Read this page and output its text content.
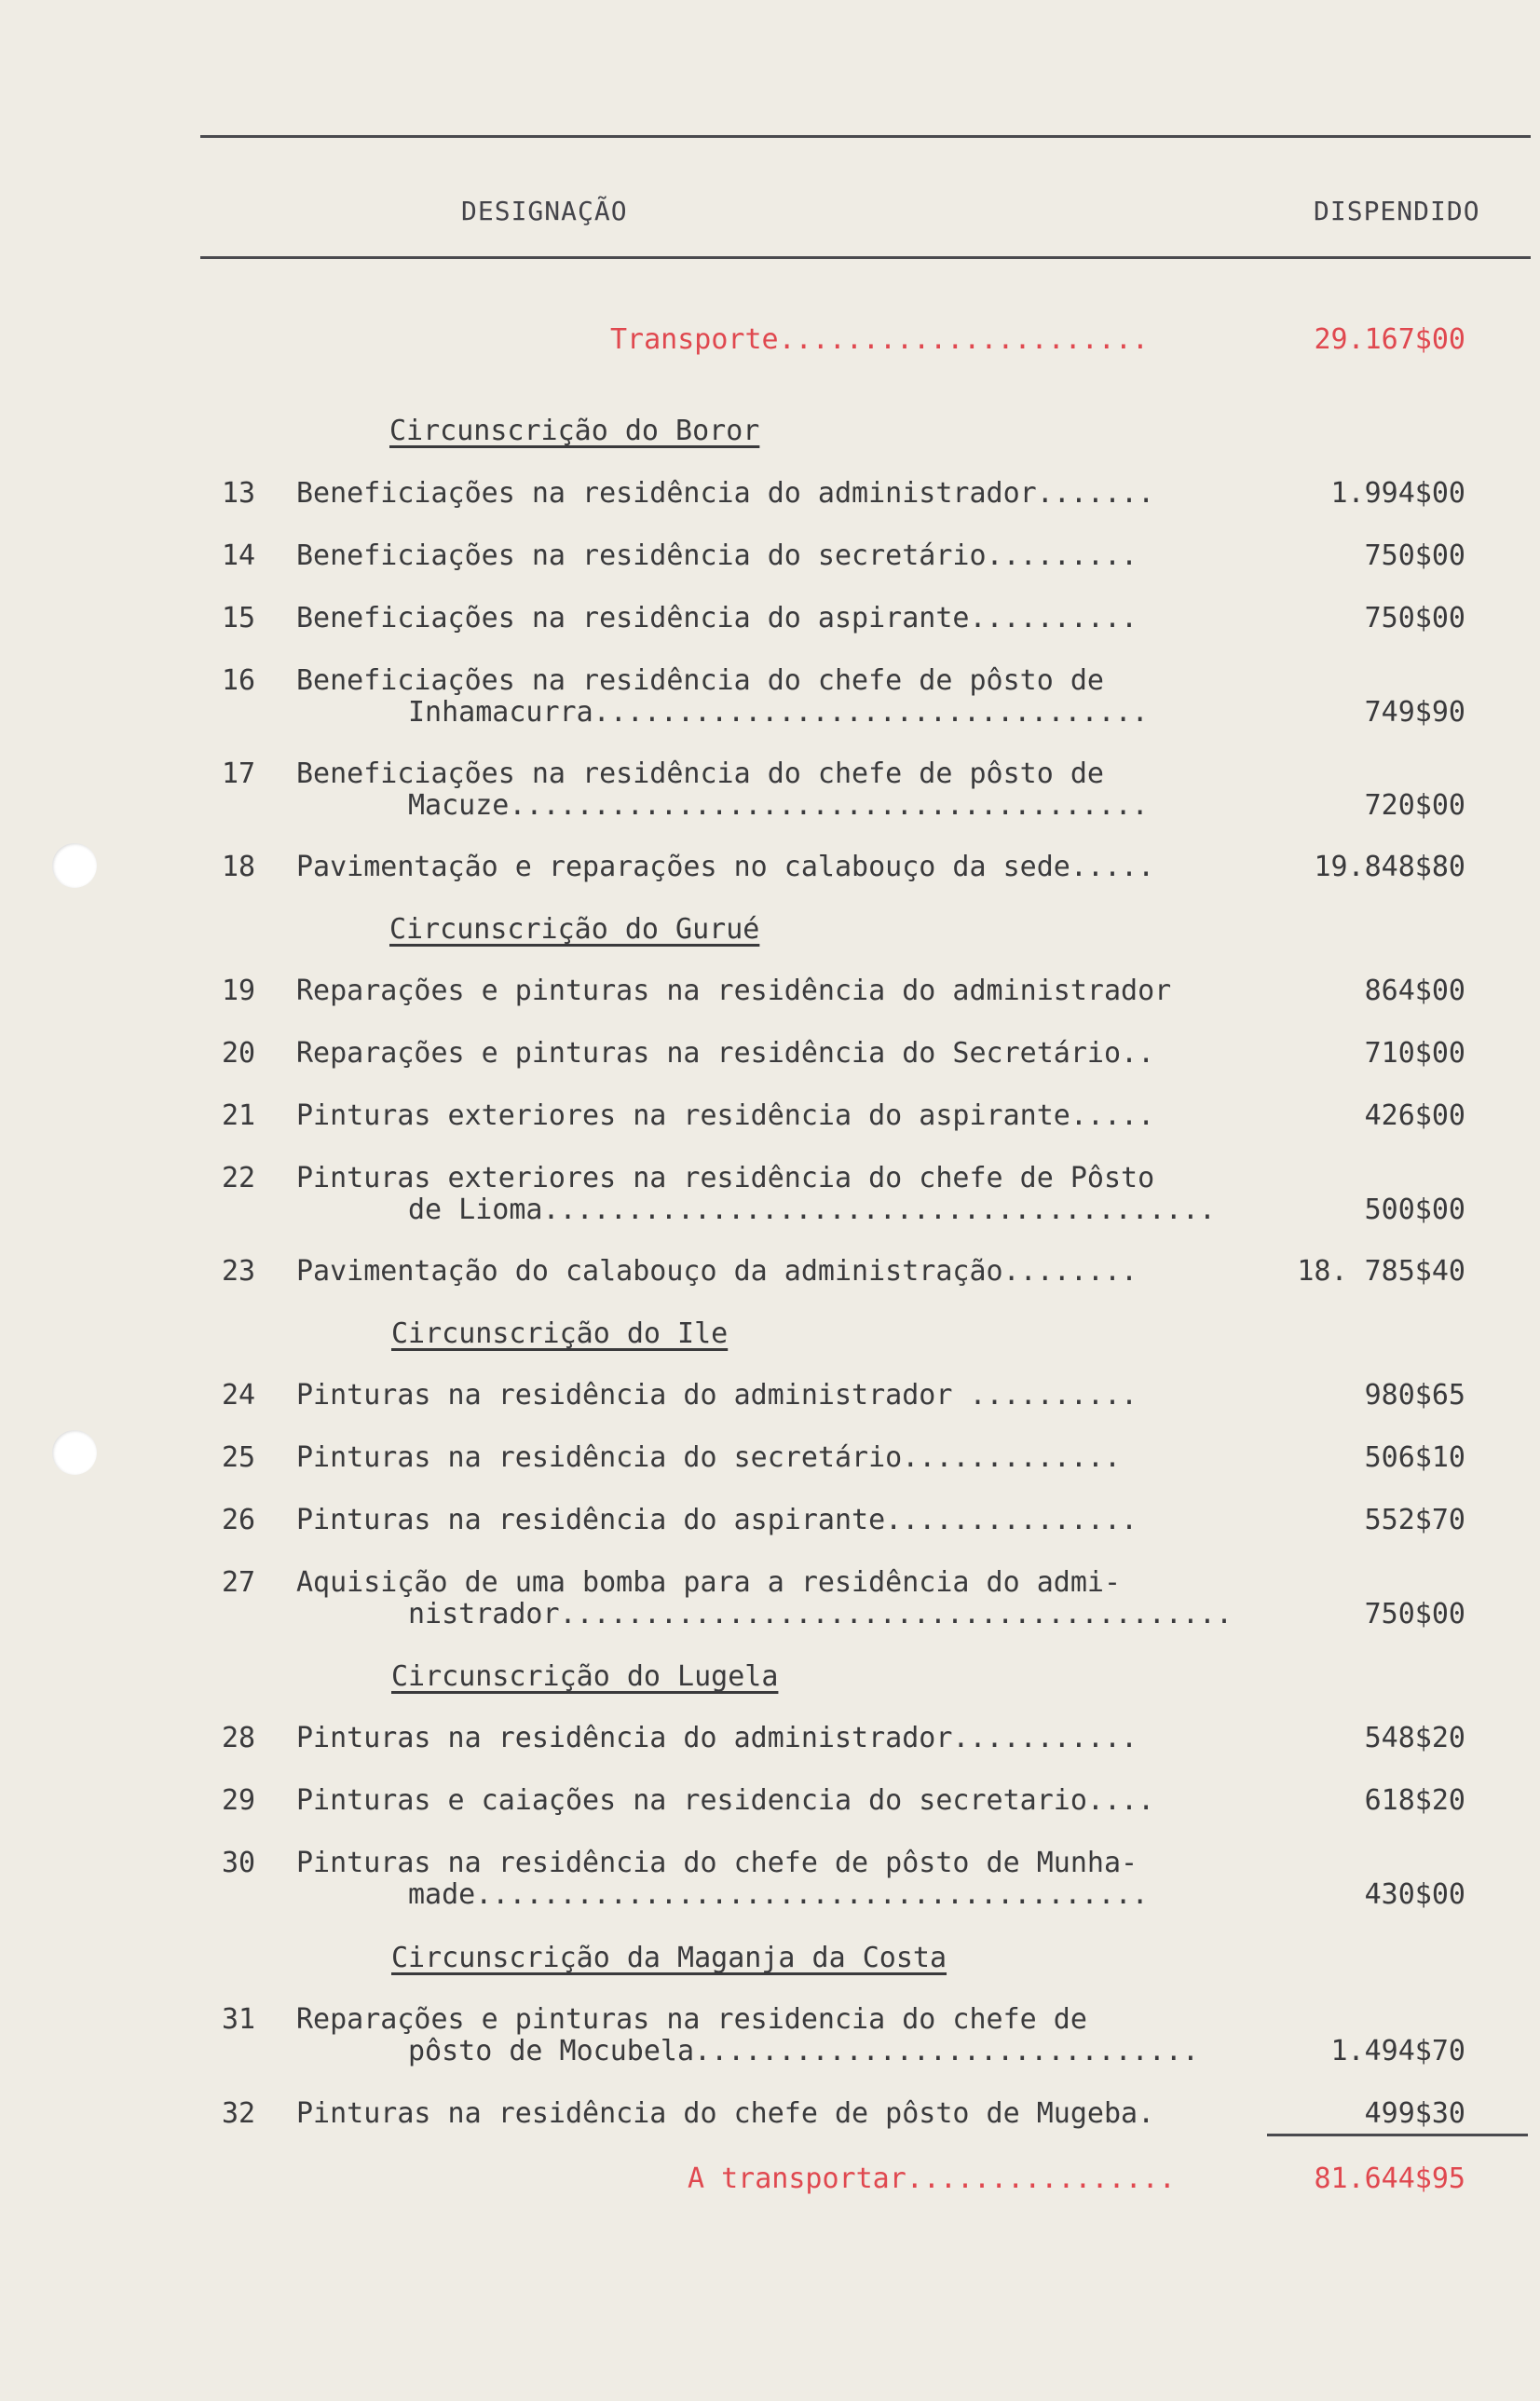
DESIGNAÇÃO	DISPENDIDO
Transporte......................	29.167$00
Circunscrição do Boror
13	Beneficiações na residência do administrador.......	1.994$00
14	Beneficiações na residência do secretário.........	750$00
15	Beneficiações na residência do aspirante..........	750$00
16	Beneficiações na residência do chefe de pôsto de
Inhamacurra.................................	749$90
17	Beneficiações na residência do chefe de pôsto de
Macuze......................................	720$00
18	Pavimentação e reparações no calabouço da sede.....	19.848$80
Circunscrição do Gurué
19	Reparações e pinturas na residência do administrador	864$00
20	Reparações e pinturas na residência do Secretário..	710$00
21	Pinturas exteriores na residência do aspirante.....	426$00
22	Pinturas exteriores na residência do chefe de Pôsto
de Lioma........................................	500$00
23	Pavimentação do calabouço da administração........	18. 785$40
Circunscrição do Ile
24	Pinturas na residência do administrador ..........	980$65
25	Pinturas na residência do secretário.............	506$10
26	Pinturas na residência do aspirante...............	552$70
27	Aquisição de uma bomba para a residência do admi-
nistrador........................................	750$00
Circunscrição do Lugela
28	Pinturas na residência do administrador...........	548$20
29	Pinturas e caiações na residencia do secretario....	618$20
30	Pinturas na residência do chefe de pôsto de Munha-
made........................................	430$00
Circunscrição da Maganja da Costa
31	Reparações e pinturas na residencia do chefe de
pôsto de Mocubela..............................	1.494$70
32	Pinturas na residência do chefe de pôsto de Mugeba.	499$30
A transportar................	81.644$95
